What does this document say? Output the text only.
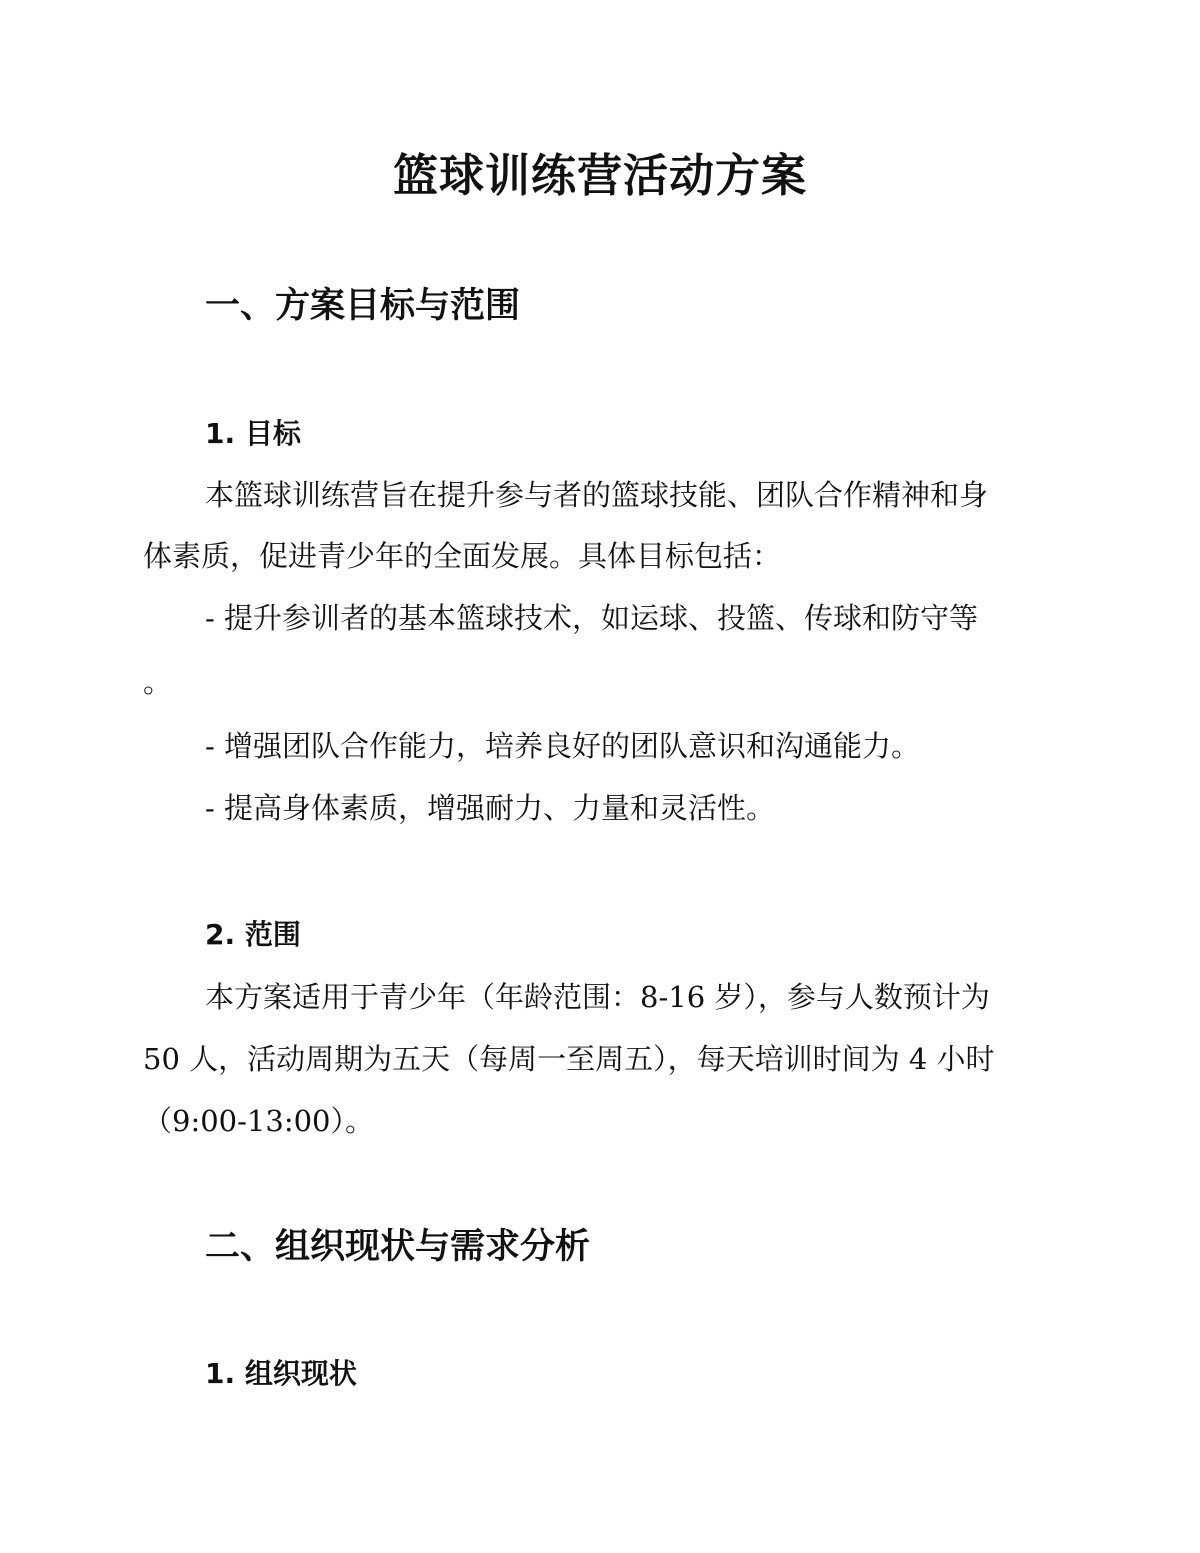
篮球训练营活动方案
一、方案目标与范围
1. 目标

本篮球训练营旨在提升参与者的篮球技能、团队合作精神和身

体素质，促进青少年的全面发展。具体目标包括：

- 提升参训者的基本篮球技术，如运球、投篮、传球和防守等

。

- 增强团队合作能力，培养良好的团队意识和沟通能力。

- 提高身体素质，增强耐力、力量和灵活性。

2. 范围

本方案适用于青少年（年龄范围：8-16 岁），参与人数预计为

50 人，活动周期为五天（每周一至周五），每天培训时间为 4 小时

（9:00-13:00）。

二、组织现状与需求分析
1. 组织现状
